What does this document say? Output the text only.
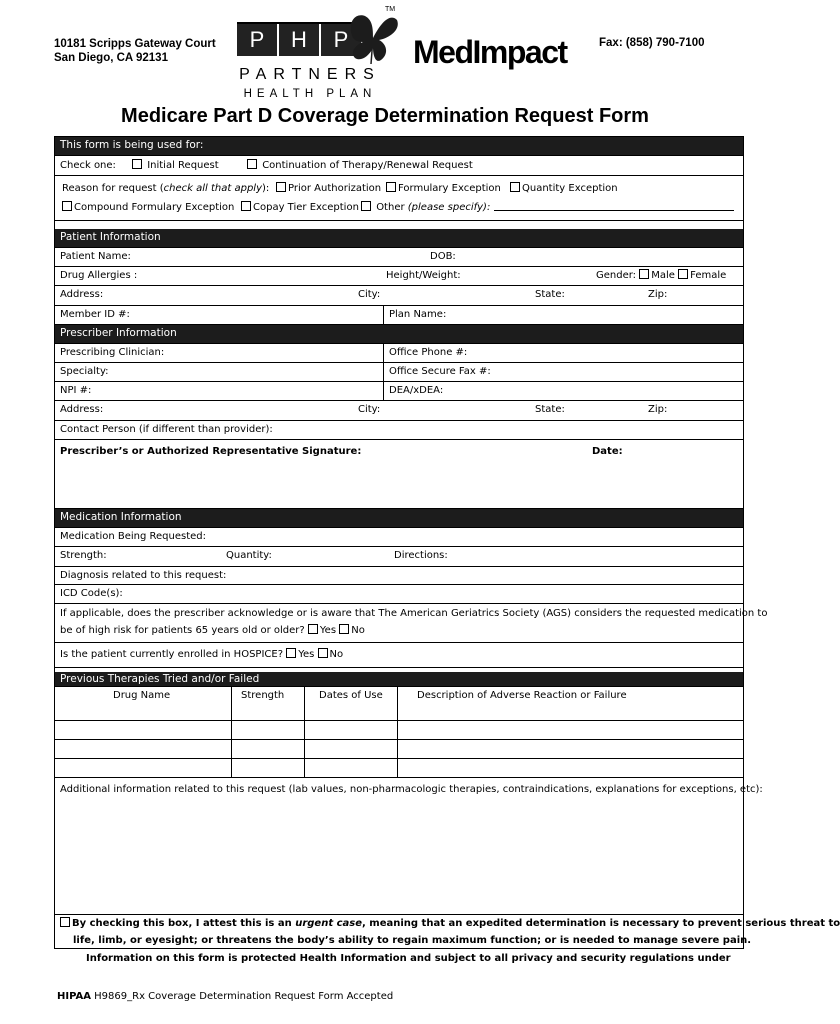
10181 Scripps Gateway Court
San Diego, CA 92131
TM
P	H	P
PARTNERS
HEALTH PLAN
MedImpact	Fax: (858) 790-7100
Medicare Part D Coverage Determination Request Form
This form is being used for:
Check one:	Initial Request	Continuation of Therapy/Renewal Request
Reason for request (check all that apply):	Prior Authorization	Formulary Exception	Quantity Exception
Compound Formulary Exception	Copay Tier Exception	Other (please specify):
Patient Information
Patient Name:	DOB:
Drug Allergies :	Height/Weight:	Gender: Male Female
Address:	City:	State:	Zip:
Member ID #:	Plan Name:
Prescriber Information
Prescribing Clinician:	Office Phone #:
Specialty:	Office Secure Fax #:
NPI #:	DEA/xDEA:
Address:	City:	State:	Zip:
Contact Person (if different than provider):
Prescriber’s or Authorized Representative Signature:	Date:
Medication Information
Medication Being Requested:
Strength:	Quantity:	Directions:
Diagnosis related to this request:
ICD Code(s):
If applicable, does the prescriber acknowledge or is aware that The American Geriatrics Society (AGS) considers the requested medication to
be of high risk for patients 65 years old or older? Yes No
Is the patient currently enrolled in HOSPICE? Yes No
Previous Therapies Tried and/or Failed
Drug Name	Strength	Dates of Use	Description of Adverse Reaction or Failure
Additional information related to this request (lab values, non-pharmacologic therapies, contraindications, explanations for exceptions, etc):
By checking this box, I attest this is an urgent case, meaning that an expedited determination is necessary to prevent serious threat to
life, limb, or eyesight; or threatens the body’s ability to regain maximum function; or is needed to manage severe pain.
Information on this form is protected Health Information and subject to all privacy and security regulations under
HIPAA H9869_Rx Coverage Determination Request Form Accepted
